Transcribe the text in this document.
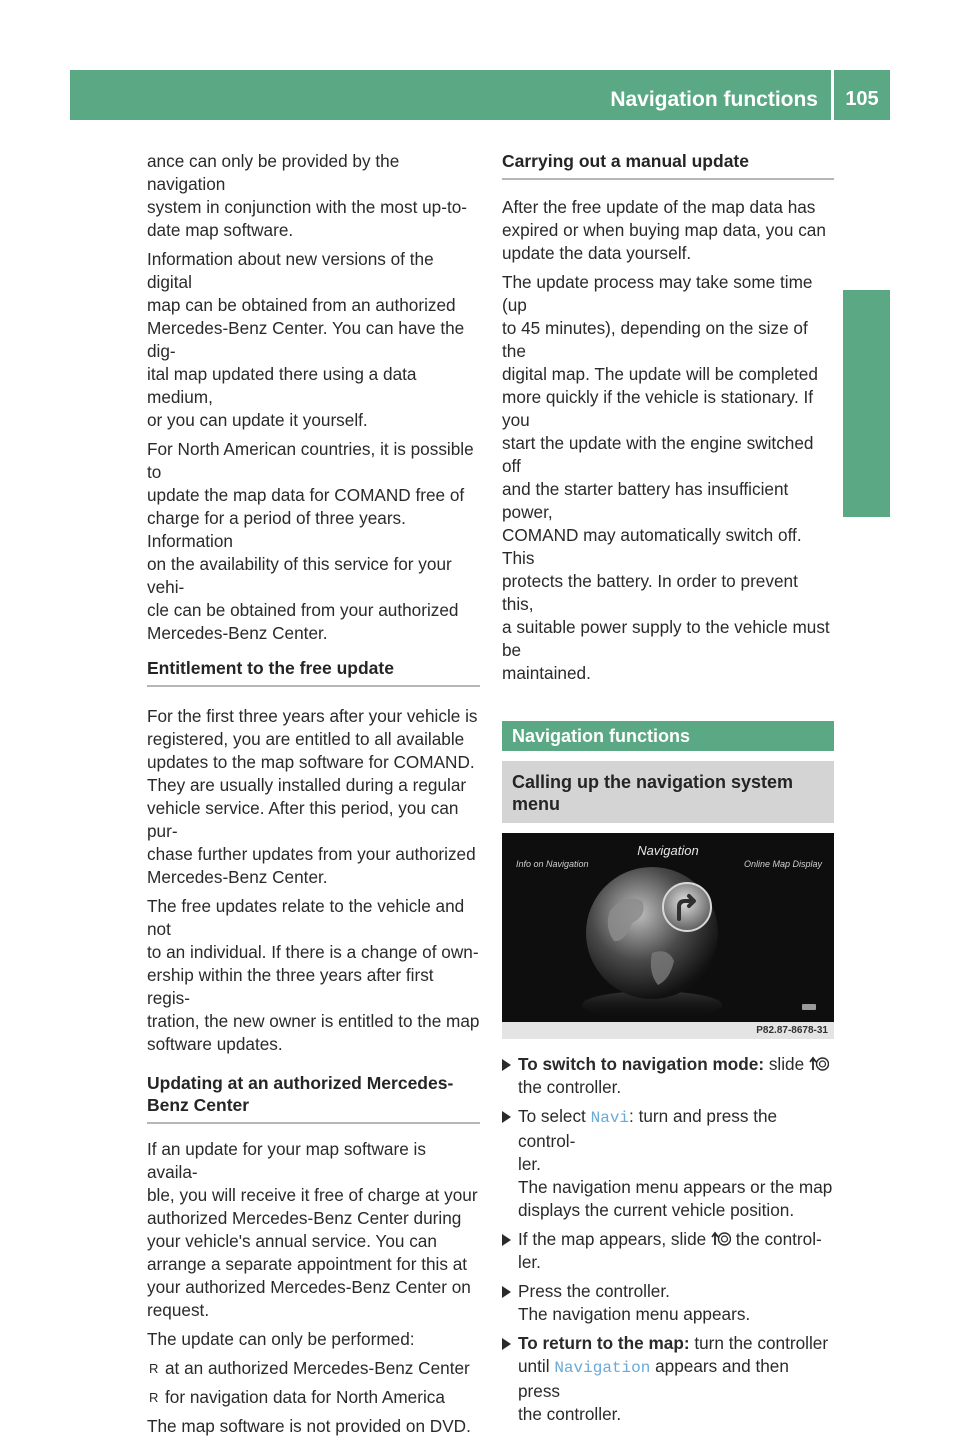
Navigation functions	105
Navigation

ance can only be provided by the navigation
system in conjunction with the most up-to-
date map software.

Information about new versions of the digital
map can be obtained from an authorized
Mercedes-Benz Center. You can have the dig-
ital map updated there using a data medium,
or you can update it yourself.

For North American countries, it is possible to
update the map data for COMAND free of
charge for a period of three years. Information
on the availability of this service for your vehi-
cle can be obtained from your authorized
Mercedes-Benz Center.

Entitlement to the free update

For the first three years after your vehicle is
registered, you are entitled to all available
updates to the map software for COMAND.
They are usually installed during a regular
vehicle service. After this period, you can pur-
chase further updates from your authorized
Mercedes-Benz Center.

The free updates relate to the vehicle and not
to an individual. If there is a change of own-
ership within the three years after first regis-
tration, the new owner is entitled to the map
software updates.

Updating at an authorized Mercedes-
Benz Center

If an update for your map software is availa-
ble, you will receive it free of charge at your
authorized Mercedes-Benz Center during
your vehicle's annual service. You can
arrange a separate appointment for this at
your authorized Mercedes-Benz Center on
request.

The update can only be performed:

R at an authorized Mercedes-Benz Center
R for navigation data for North America

The map software is not provided on DVD.

Carrying out a manual update

After the free update of the map data has
expired or when buying map data, you can
update the data yourself.

The update process may take some time (up
to 45 minutes), depending on the size of the
digital map. The update will be completed
more quickly if the vehicle is stationary. If you
start the update with the engine switched off
and the starter battery has insufficient power,
COMAND may automatically switch off. This
protects the battery. In order to prevent this,
a suitable power supply to the vehicle must be
maintained.

Navigation functions
Calling up the navigation system
menu
Navigation
Info on Navigation	Online Map Display
P82.87-8678-31
To switch to navigation mode: slide
the controller.
To select Navi: turn and press the control-
ler.
The navigation menu appears or the map
displays the current vehicle position.
If the map appears, slide  the control-
ler.
Press the controller.
The navigation menu appears.
To return to the map: turn the controller
until Navigation appears and then press
the controller.
